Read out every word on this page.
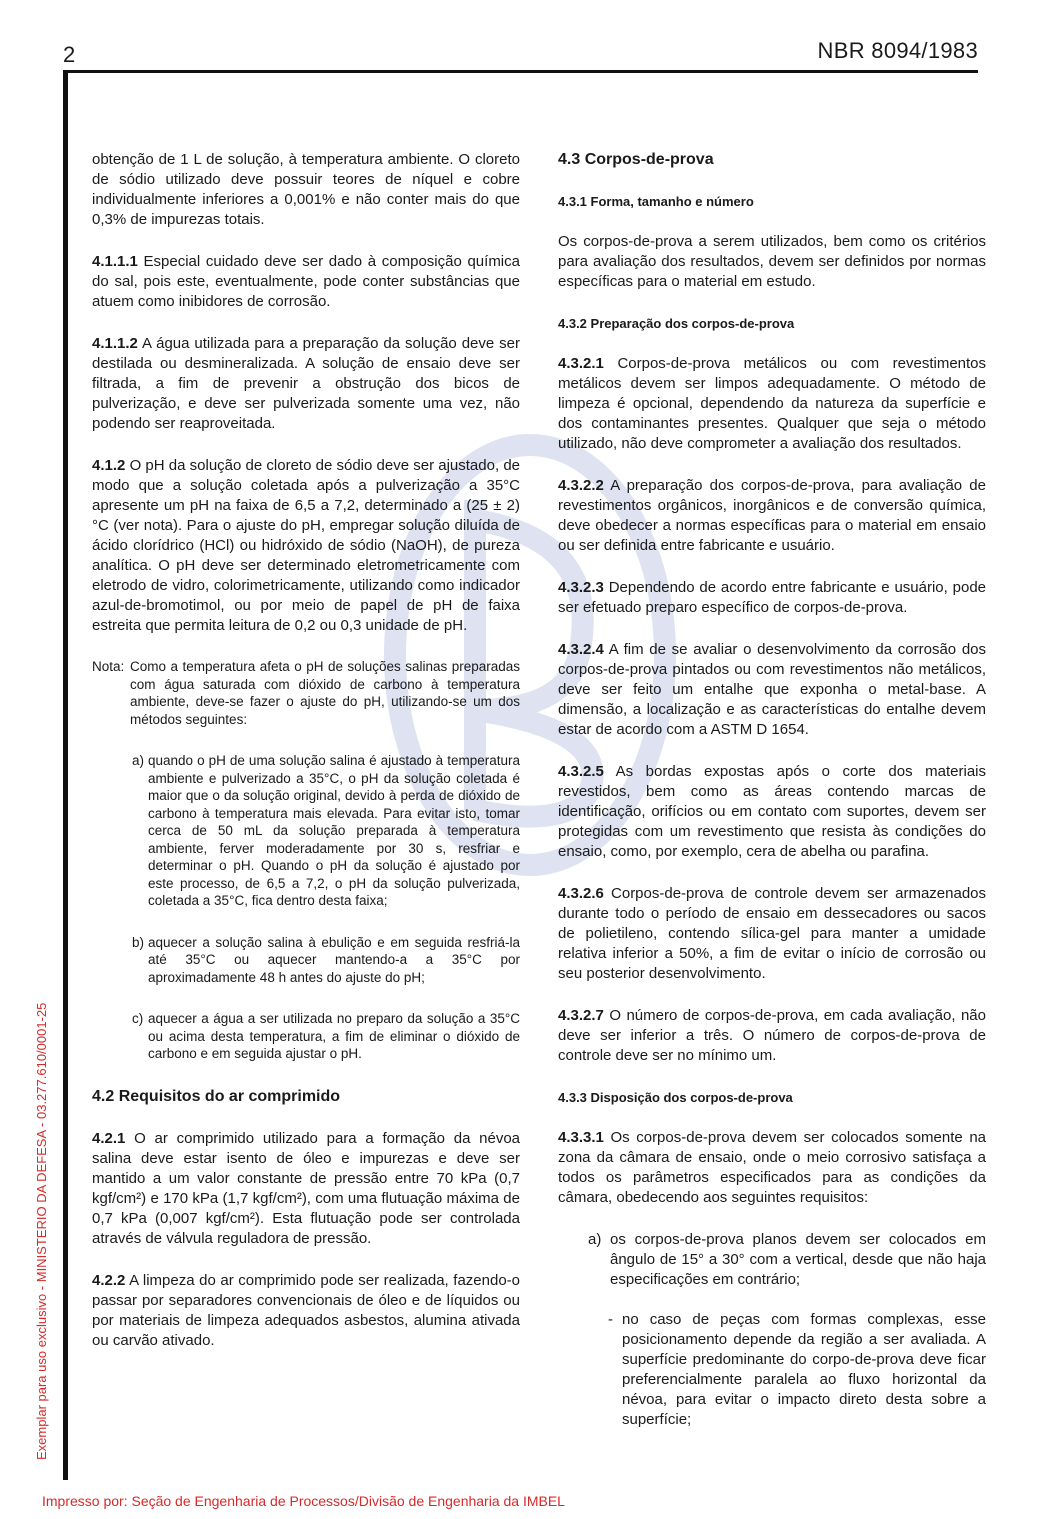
2	NBR 8094/1983

obtenção de 1 L de solução, à temperatura ambiente. O cloreto de sódio utilizado deve possuir teores de níquel e cobre individualmente inferiores a 0,001% e não conter mais do que 0,3% de impurezas totais.

4.1.1.1 Especial cuidado deve ser dado à composição química do sal, pois este, eventualmente, pode conter substâncias que atuem como inibidores de corrosão.

4.1.1.2 A água utilizada para a preparação da solução deve ser destilada ou desmineralizada. A solução de ensaio deve ser filtrada, a fim de prevenir a obstrução dos bicos de pulverização, e deve ser pulverizada somente uma vez, não podendo ser reaproveitada.

4.1.2 O pH da solução de cloreto de sódio deve ser ajustado, de modo que a solução coletada após a pulverização a 35°C apresente um pH na faixa de 6,5 a 7,2, determinado a (25 ± 2)°C (ver nota). Para o ajuste do pH, empregar solução diluída de ácido clorídrico (HCl) ou hidróxido de sódio (NaOH), de pureza analítica. O pH deve ser determinado eletrometricamente com eletrodo de vidro, colorimetricamente, utilizando como indicador azul-de-bromotimol, ou por meio de papel de pH de faixa estreita que permita leitura de 0,2 ou 0,3 unidade de pH.

Nota: Como a temperatura afeta o pH de soluções salinas preparadas com água saturada com dióxido de carbono à temperatura ambiente, deve-se fazer o ajuste do pH, utilizando-se um dos métodos seguintes:
a) quando o pH de uma solução salina é ajustado à temperatura ambiente e pulverizado a 35°C, o pH da solução coletada é maior que o da solução original, devido à perda de dióxido de carbono à temperatura mais elevada. Para evitar isto, tomar cerca de 50 mL da solução preparada à temperatura ambiente, ferver moderadamente por 30 s, resfriar e determinar o pH. Quando o pH da solução é ajustado por este processo, de 6,5 a 7,2, o pH da solução pulverizada, coletada a 35°C, fica dentro desta faixa;
b) aquecer a solução salina à ebulição e em seguida resfriá-la até 35°C ou aquecer mantendo-a a 35°C por aproximadamente 48 h antes do ajuste do pH;
c) aquecer a água a ser utilizada no preparo da solução a 35°C ou acima desta temperatura, a fim de eliminar o dióxido de carbono e em seguida ajustar o pH.
4.2 Requisitos do ar comprimido

4.2.1 O ar comprimido utilizado para a formação da névoa salina deve estar isento de óleo e impurezas e deve ser mantido a um valor constante de pressão entre 70 kPa (0,7 kgf/cm²) e 170 kPa (1,7 kgf/cm²), com uma flutuação máxima de 0,7 kPa (0,007 kgf/cm²). Esta flutuação pode ser controlada através de válvula reguladora de pressão.

4.2.2 A limpeza do ar comprimido pode ser realizada, fazendo-o passar por separadores convencionais de óleo e de líquidos ou por materiais de limpeza adequados asbestos, alumina ativada ou carvão ativado.

4.3 Corpos-de-prova
4.3.1 Forma, tamanho e número

Os corpos-de-prova a serem utilizados, bem como os critérios para avaliação dos resultados, devem ser definidos por normas específicas para o material em estudo.

4.3.2 Preparação dos corpos-de-prova

4.3.2.1 Corpos-de-prova metálicos ou com revestimentos metálicos devem ser limpos adequadamente. O método de limpeza é opcional, dependendo da natureza da superfície e dos contaminantes presentes. Qualquer que seja o método utilizado, não deve comprometer a avaliação dos resultados.

4.3.2.2 A preparação dos corpos-de-prova, para avaliação de revestimentos orgânicos, inorgânicos e de conversão química, deve obedecer a normas específicas para o material em ensaio ou ser definida entre fabricante e usuário.

4.3.2.3 Dependendo de acordo entre fabricante e usuário, pode ser efetuado preparo específico de corpos-de-prova.

4.3.2.4 A fim de se avaliar o desenvolvimento da corrosão dos corpos-de-prova pintados ou com revestimentos não metálicos, deve ser feito um entalhe que exponha o metal-base. A dimensão, a localização e as características do entalhe devem estar de acordo com a ASTM D 1654.

4.3.2.5 As bordas expostas após o corte dos materiais revestidos, bem como as áreas contendo marcas de identificação, orifícios ou em contato com suportes, devem ser protegidas com um revestimento que resista às condições do ensaio, como, por exemplo, cera de abelha ou parafina.

4.3.2.6 Corpos-de-prova de controle devem ser armazenados durante todo o período de ensaio em dessecadores ou sacos de polietileno, contendo sílica-gel para manter a umidade relativa inferior a 50%, a fim de evitar o início de corrosão ou seu posterior desenvolvimento.

4.3.2.7 O número de corpos-de-prova, em cada avaliação, não deve ser inferior a três. O número de corpos-de-prova de controle deve ser no mínimo um.

4.3.3 Disposição dos corpos-de-prova

4.3.3.1 Os corpos-de-prova devem ser colocados somente na zona da câmara de ensaio, onde o meio corrosivo satisfaça a todos os parâmetros especificados para as condições da câmara, obedecendo aos seguintes requisitos:

a) os corpos-de-prova planos devem ser colocados em ângulo de 15° a 30° com a vertical, desde que não haja especificações em contrário;
- no caso de peças com formas complexas, esse posicionamento depende da região a ser avaliada. A superfície predominante do corpo-de-prova deve ficar preferencialmente paralela ao fluxo horizontal da névoa, para evitar o impacto direto desta sobre a superfície;
Exemplar para uso exclusivo - MINISTERIO DA DEFESA - 03.277.610/0001-25
Impresso por: Seção de Engenharia de Processos/Divisão de Engenharia da IMBEL
